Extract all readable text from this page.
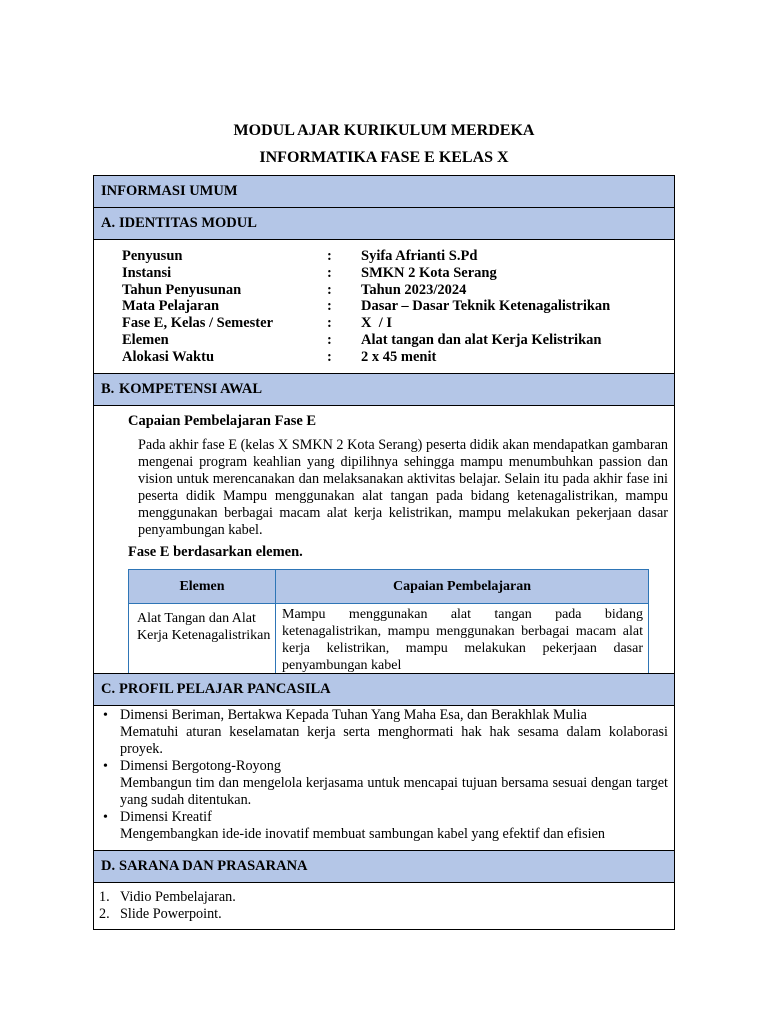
MODUL AJAR KURIKULUM MERDEKA
INFORMATIKA FASE E KELAS X
INFORMASI UMUM
A. IDENTITAS MODUL
Penyusun	: Syifa Afrianti S.Pd
Instansi	: SMKN 2 Kota Serang
Tahun Penyusunan	: Tahun 2023/2024
Mata Pelajaran	: Dasar – Dasar Teknik Ketenagalistrikan
Fase E, Kelas / Semester	: X  / I
Elemen	: Alat tangan dan alat Kerja Kelistrikan
Alokasi Waktu	: 2 x 45 menit
B. KOMPETENSI AWAL
Capaian Pembelajaran Fase E
Pada akhir fase E (kelas X SMKN 2 Kota Serang) peserta didik akan mendapatkan gambaran mengenai program keahlian yang dipilihnya sehingga mampu menumbuhkan passion dan vision untuk merencanakan dan melaksanakan aktivitas belajar. Selain itu pada akhir fase ini peserta didik Mampu menggunakan alat tangan pada bidang ketenagalistrikan, mampu menggunakan berbagai macam alat kerja kelistrikan, mampu melakukan pekerjaan dasar penyambungan kabel.
Fase E berdasarkan elemen.
Elemen	Capaian Pembelajaran
Alat Tangan dan Alat Kerja Ketenagalistrikan	Mampu menggunakan alat tangan pada bidang ketenagalistrikan, mampu menggunakan berbagai macam alat kerja kelistrikan, mampu melakukan pekerjaan dasar penyambungan kabel
C. PROFIL PELAJAR PANCASILA
• Dimensi Beriman, Bertakwa Kepada Tuhan Yang Maha Esa, dan Berakhlak Mulia
Mematuhi aturan keselamatan kerja serta menghormati hak hak sesama dalam kolaborasi proyek.
• Dimensi Bergotong-Royong
Membangun tim dan mengelola kerjasama untuk mencapai tujuan bersama sesuai dengan target yang sudah ditentukan.
• Dimensi Kreatif
Mengembangkan ide-ide inovatif membuat sambungan kabel yang efektif dan efisien
D. SARANA DAN PRASARANA
1. Vidio Pembelajaran.
2. Slide Powerpoint.
